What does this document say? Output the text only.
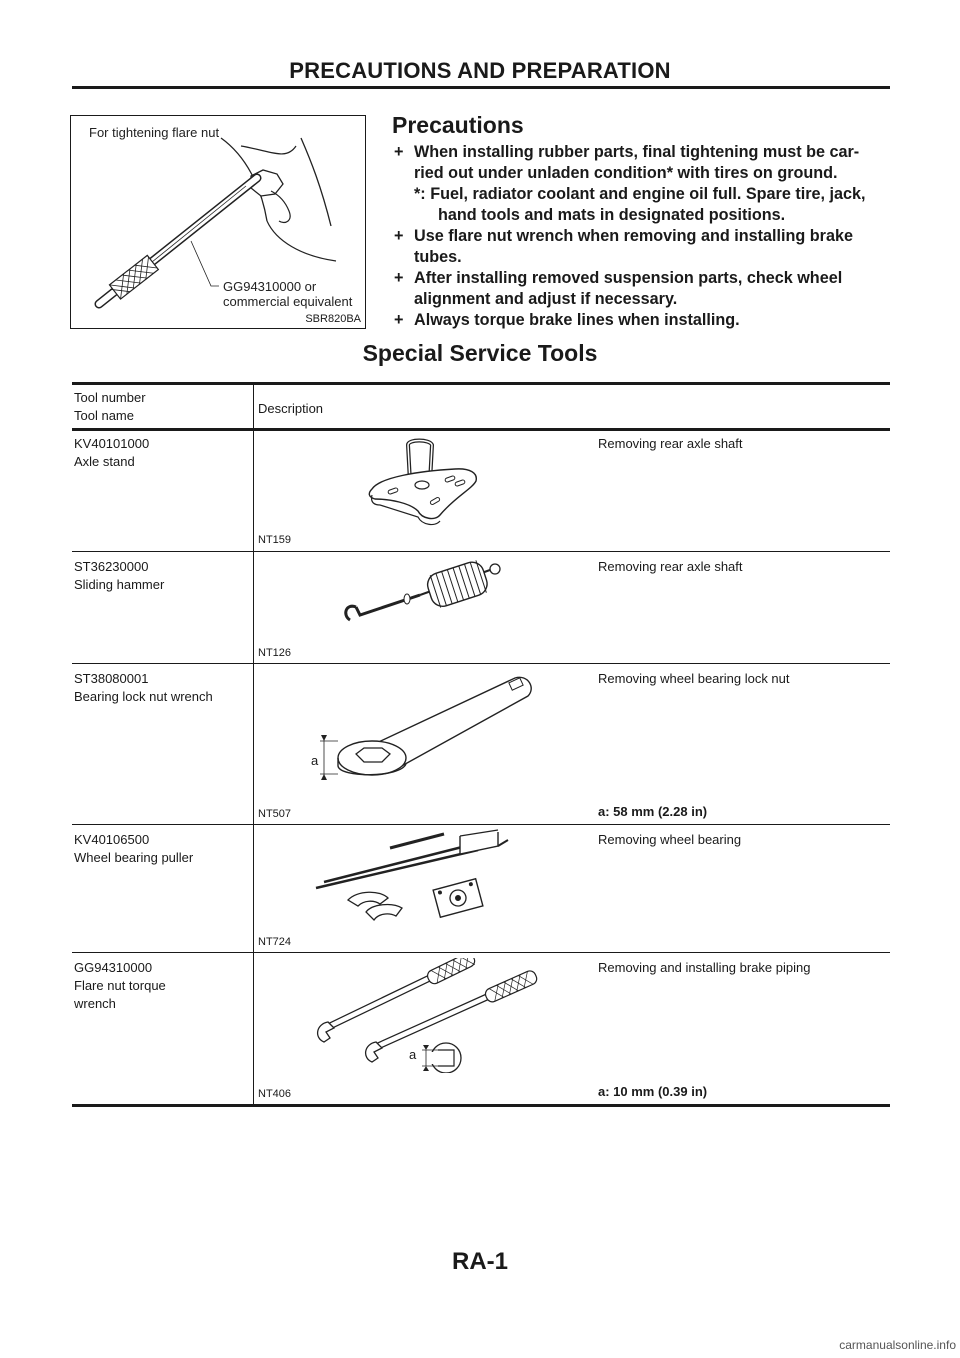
PRECAUTIONS AND PREPARATION
For tightening flare nut
GG94310000 or
commercial equivalent
SBR820BA
Precautions
+ When installing rubber parts, final tightening must be car-
ried out under unladen condition* with tires on ground.
*: Fuel, radiator coolant and engine oil full. Spare tire, jack,
hand tools and mats in designated positions.
+ Use flare nut wrench when removing and installing brake
tubes.
+ After installing removed suspension parts, check wheel
alignment and adjust if necessary.
+ Always torque brake lines when installing.
Special Service Tools
Tool number
Tool name	Description
KV40101000
Axle stand
NT159
Removing rear axle shaft
ST36230000
Sliding hammer
NT126
Removing rear axle shaft
ST38080001
Bearing lock nut wrench
a
NT507
Removing wheel bearing lock nut
a: 58 mm (2.28 in)
KV40106500
Wheel bearing puller
NT724
Removing wheel bearing
GG94310000
Flare nut torque
wrench
a
NT406
Removing and installing brake piping
a: 10 mm (0.39 in)
RA-1
carmanualsonline.info
